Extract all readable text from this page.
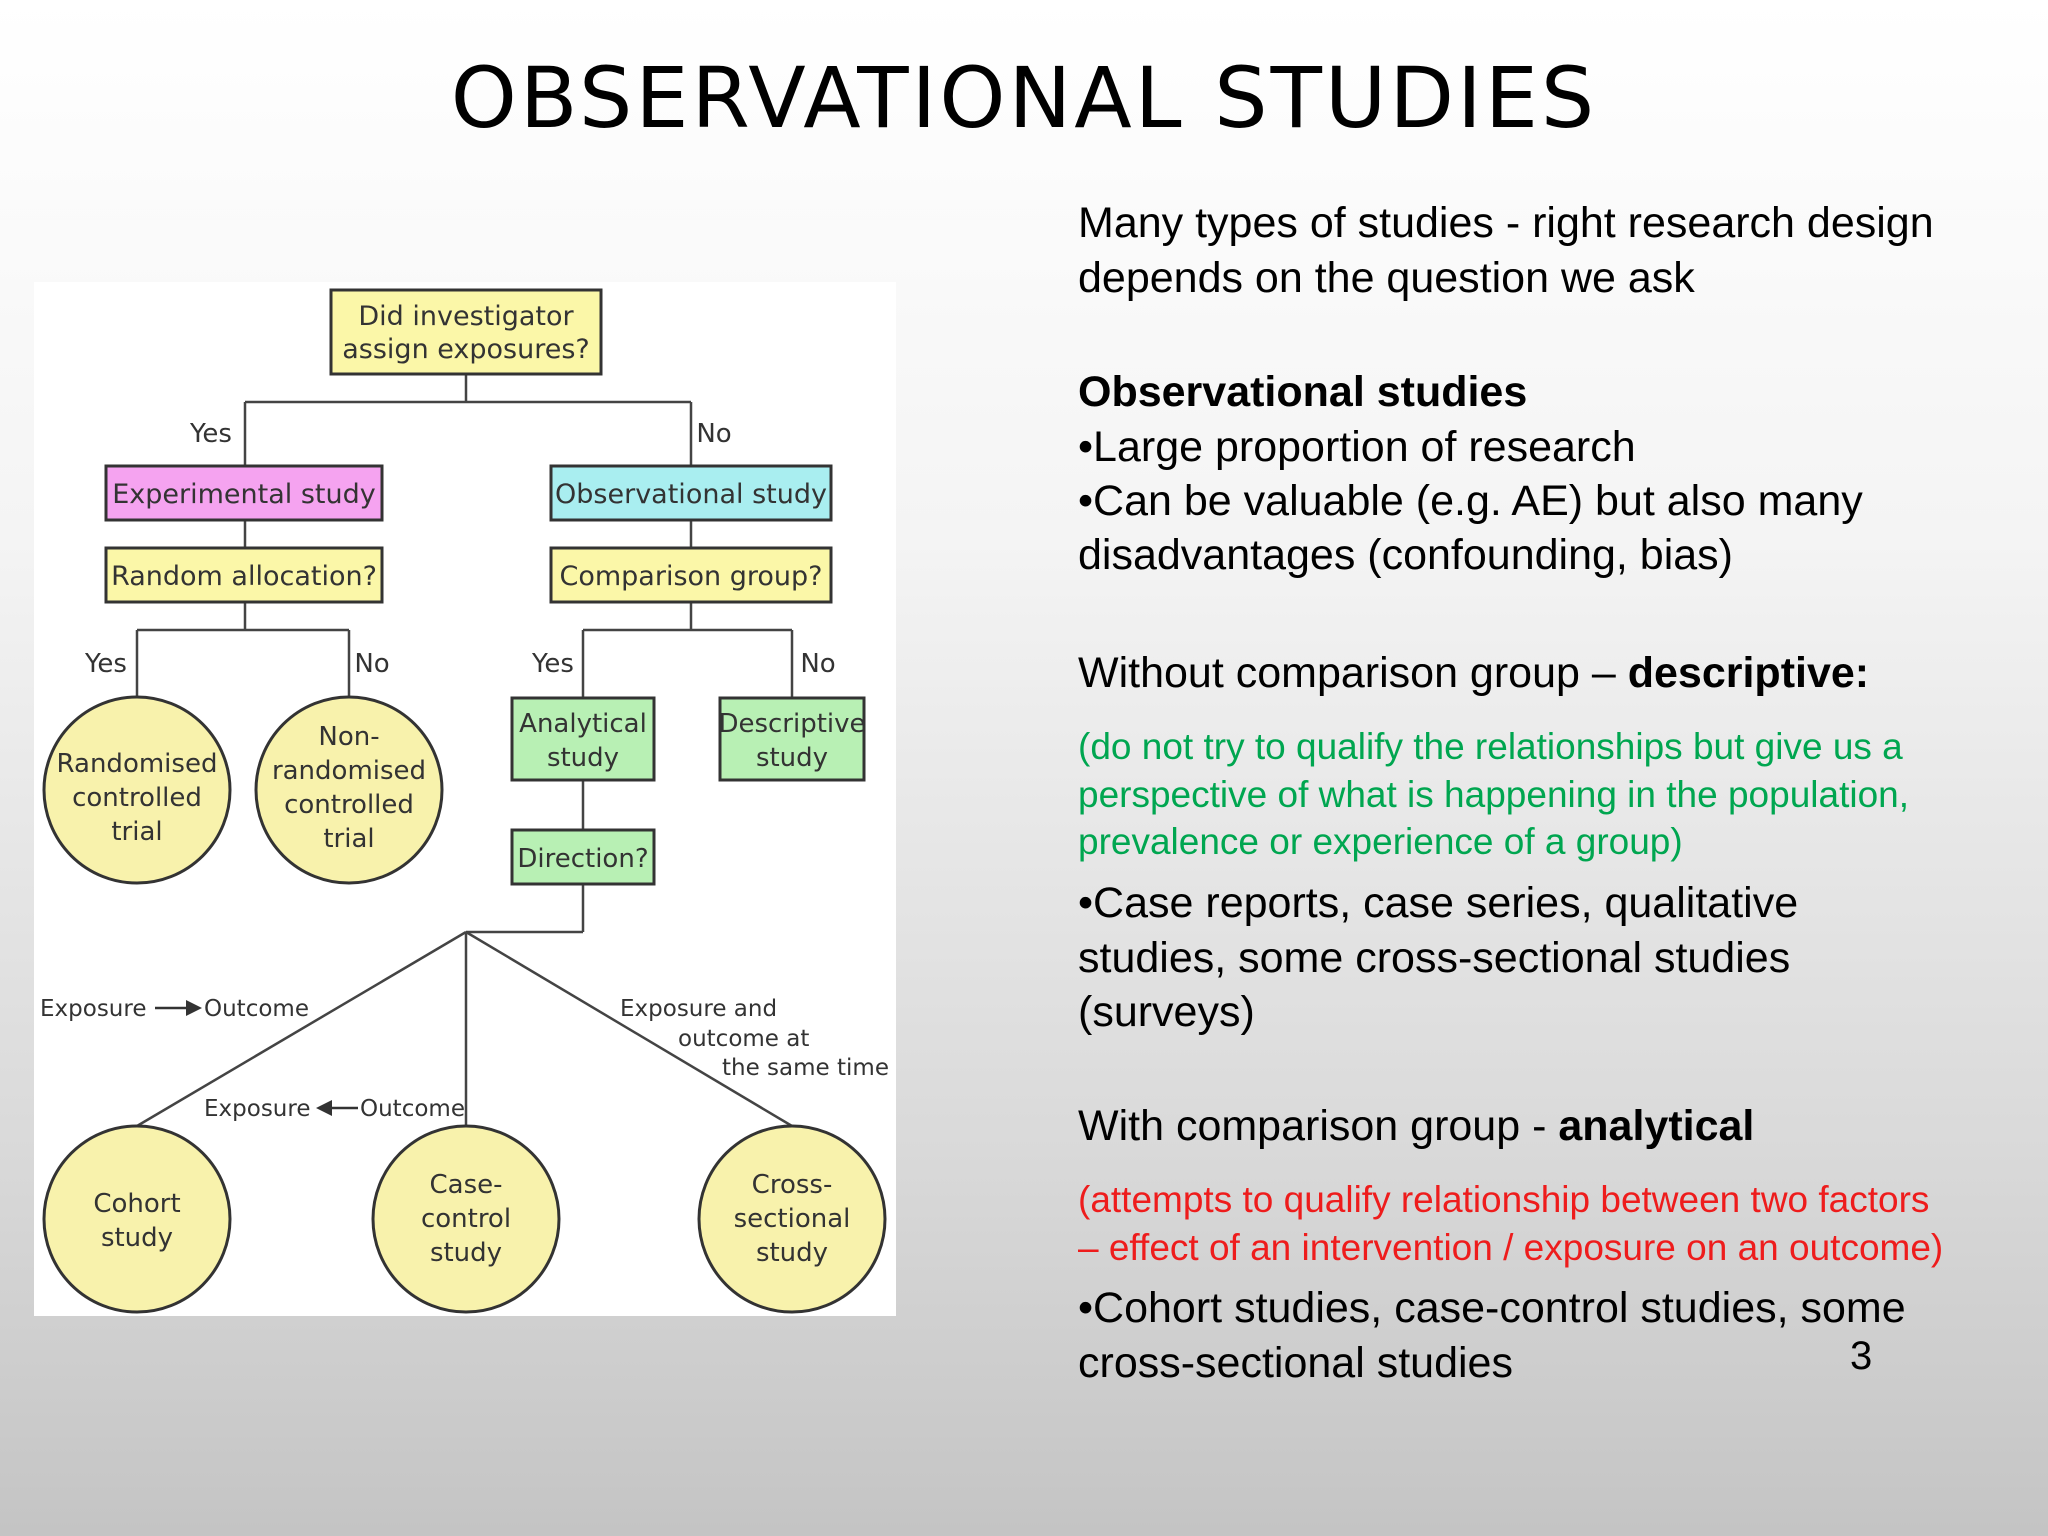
OBSERVATIONAL STUDIES
Did investigator
assign exposures?
Yes	No
Experimental study	Observational study
Random allocation?	Comparison group?
Yes	No	Yes	No
Randomised
controlled
trial
Non-
randomised
controlled
trial
Analytical
study
Descriptive
study
Direction?
Exposure	Outcome
Exposure Outcome
Exposure and
outcome at
the same time
Cohort
study
Case-
control
study
Cross-
sectional
study
Many types of studies - right research design
depends on the question we ask
Observational studies
•Large proportion of research
•Can be valuable (e.g. AE) but also many
disadvantages (confounding, bias)
Without comparison group – descriptive:
(do not try to qualify the relationships but give us a
perspective of what is happening in the population,
prevalence or experience of a group)
•Case reports, case series, qualitative
studies, some cross-sectional studies
(surveys)
With comparison group - analytical
(attempts to qualify relationship between two factors
– effect of an intervention / exposure on an outcome)
•Cohort studies, case-control studies, some
cross-sectional studies	3
